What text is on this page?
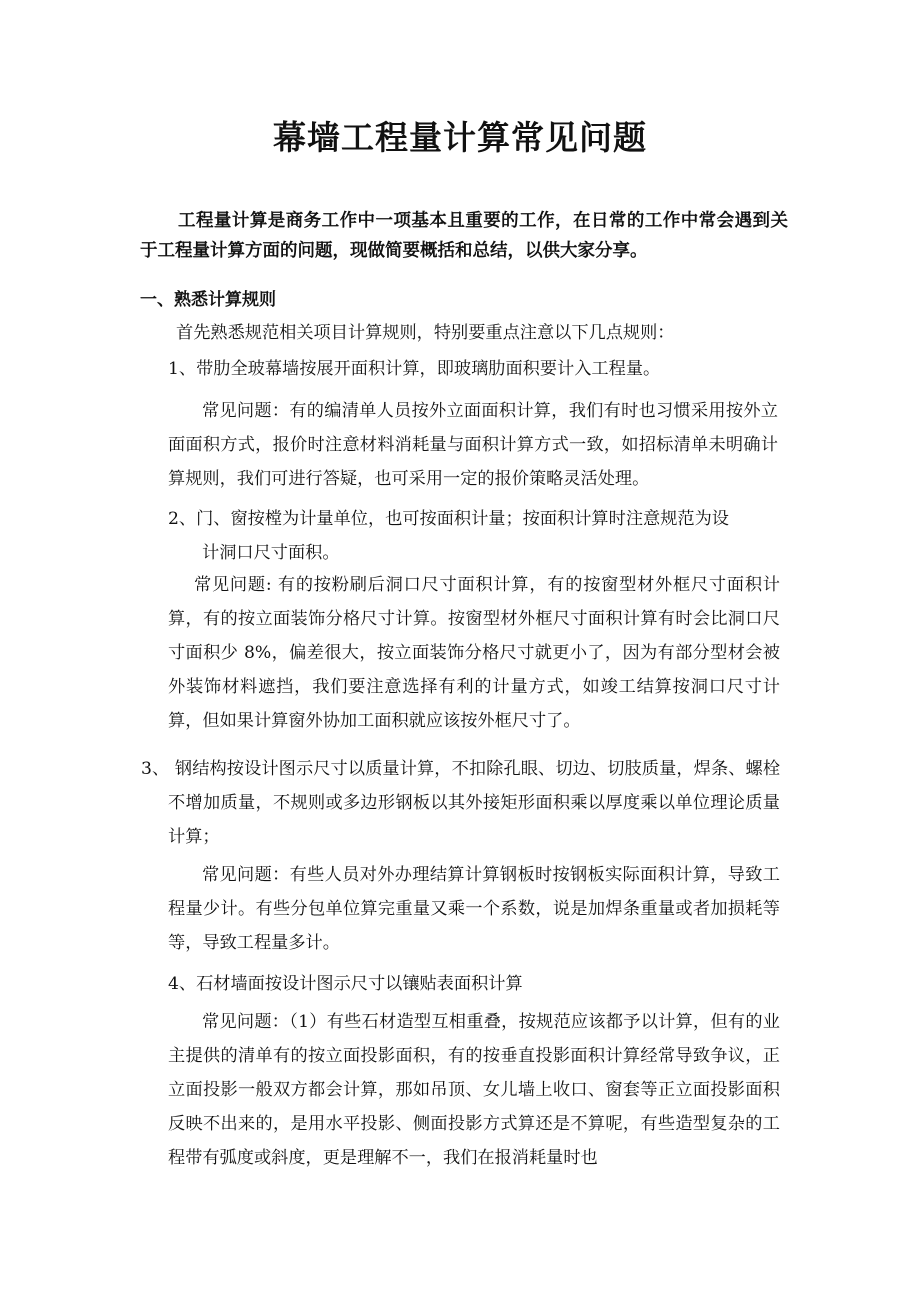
幕墙工程量计算常见问题
工程量计算是商务工作中一项基本且重要的工作，在日常的工作中常会遇到关于工程量计算方面的问题，现做简要概括和总结，以供大家分享。
一、熟悉计算规则
首先熟悉规范相关项目计算规则，特别要重点注意以下几点规则：
1、带肋全玻幕墙按展开面积计算，即玻璃肋面积要计入工程量。
常见问题：有的编清单人员按外立面面积计算，我们有时也习惯采用按外立面面积方式，报价时注意材料消耗量与面积计算方式一致，如招标清单未明确计算规则，我们可进行答疑，也可采用一定的报价策略灵活处理。
2、门、窗按樘为计量单位，也可按面积计量；按面积计算时注意规范为设
计洞口尺寸面积。
常见问题: 有的按粉刷后洞口尺寸面积计算，有的按窗型材外框尺寸面积计算，有的按立面装饰分格尺寸计算。按窗型材外框尺寸面积计算有时会比洞口尺寸面积少 8%，偏差很大，按立面装饰分格尺寸就更小了，因为有部分型材会被外装饰材料遮挡，我们要注意选择有利的计量方式，如竣工结算按洞口尺寸计算，但如果计算窗外协加工面积就应该按外框尺寸了。
3、 钢结构按设计图示尺寸以质量计算，不扣除孔眼、切边、切肢质量，焊条、螺栓不增加质量，不规则或多边形钢板以其外接矩形面积乘以厚度乘以单位理论质量计算；
常见问题：有些人员对外办理结算计算钢板时按钢板实际面积计算，导致工程量少计。有些分包单位算完重量又乘一个系数，说是加焊条重量或者加损耗等等，导致工程量多计。
4、石材墙面按设计图示尺寸以镶贴表面积计算
常见问题：（1）有些石材造型互相重叠，按规范应该都予以计算，但有的业主提供的清单有的按立面投影面积，有的按垂直投影面积计算经常导致争议，正立面投影一般双方都会计算，那如吊顶、女儿墙上收口、窗套等正立面投影面积反映不出来的，是用水平投影、侧面投影方式算还是不算呢，有些造型复杂的工程带有弧度或斜度，更是理解不一，我们在报消耗量时也
